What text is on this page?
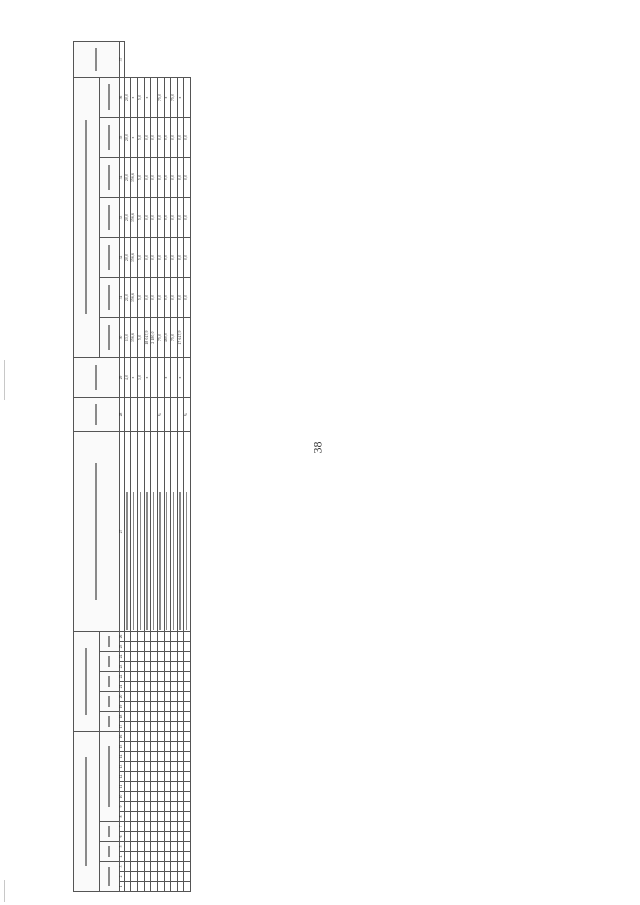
38

1	2	3	4	5	6	7	8	9	10	11	12	13	14	15	16	17	18	19	20	21	22	23	24	25	26	27	28	29	30	31	32	33	34	35	36	37
																												4,0	13,0	21,0	20,0	20,0	20,0	20,0	20,0	
																												x	356,6	356,6	356,6	356,6	356,6	x	x	
																												3,0	5,0	5,0	5,0	5,0	5,0	5,0	5,0	
																												x	18 047,9	0,0	0,0	0,0	0,0	0,0	x	
																													2 180,0	0,0	0,0	0,0	0,0	0,0		
																											%		75,0	0,0	0,0	0,0	0,0	0,0	75,0	
																												x	460,0	0,0	0,0	0,0	0,0	0,0	x	
																													75,0	0,0	0,0	0,0	0,0	0,0	75,0	
																												x	17 647,9	0,0	0,0	0,0	0,0	0,0	x	
																											%			0,0	0,0	0,0	0,0	0,0		
